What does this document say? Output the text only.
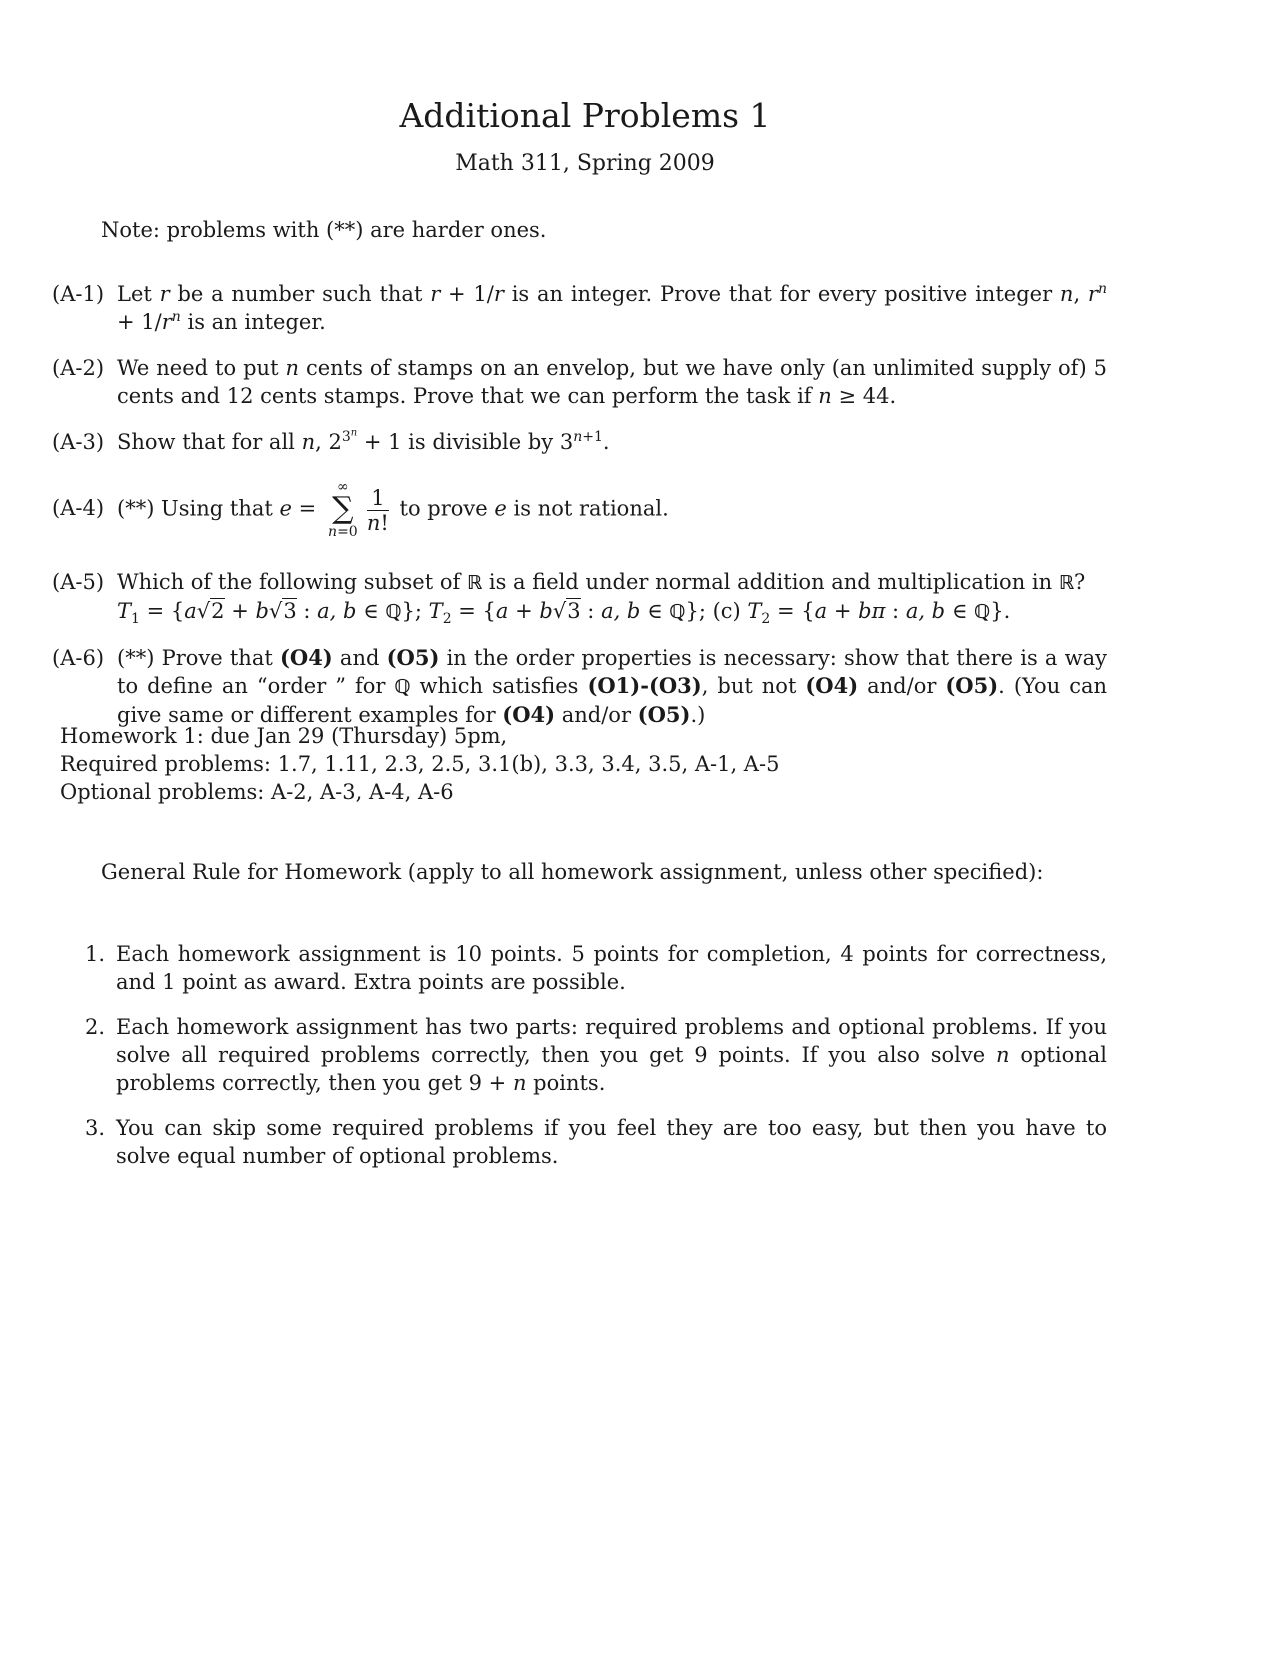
Additional Problems 1
Math 311, Spring 2009
Note: problems with (**) are harder ones.
(A-1) Let r be a number such that r + 1/r is an integer. Prove that for every positive integer n, $r^n + 1/r^n$ is an integer.
(A-2) We need to put n cents of stamps on an envelop, but we have only (an unlimited supply of) 5 cents and 12 cents stamps. Prove that we can perform the task if n ≥ 44.
(A-3) Show that for all n, $2^{3^n} + 1$ is divisible by $3^{n+1}$.
(A-4) (**) Using that e =
∞
∑
$n=0 \frac{1}{n!}$ to prove e is not rational.
(A-5) Which of the following subset of ℝ is a field under normal addition and multiplication in ℝ?
$T_1 = \{a√2 + b√3$ : a, b ∈ ℚ}; $T_2 = \{a + b√3$ : a, b ∈ ℚ}; (c) $T_2 = \{a + b\pi$ : a, b ∈ ℚ}.
(A-6) (**) Prove that (O4) and (O5) in the order properties is necessary: show that there is a way to define an “order ” for ℚ which satisfies (O1)-(O3), but not (O4) and/or (O5). (You can give same or different examples for (O4) and/or (O5).)
Homework 1: due Jan 29 (Thursday) 5pm,
Required problems: 1.7, 1.11, 2.3, 2.5, 3.1(b), 3.3, 3.4, 3.5, A-1, A-5
Optional problems: A-2, A-3, A-4, A-6
General Rule for Homework (apply to all homework assignment, unless other specified):
1. Each homework assignment is 10 points. 5 points for completion, 4 points for correctness, and 1 point as award. Extra points are possible.
2. Each homework assignment has two parts: required problems and optional problems. If you solve all required problems correctly, then you get 9 points. If you also solve n optional problems correctly, then you get 9 + n points.
3. You can skip some required problems if you feel they are too easy, but then you have to solve equal number of optional problems.
